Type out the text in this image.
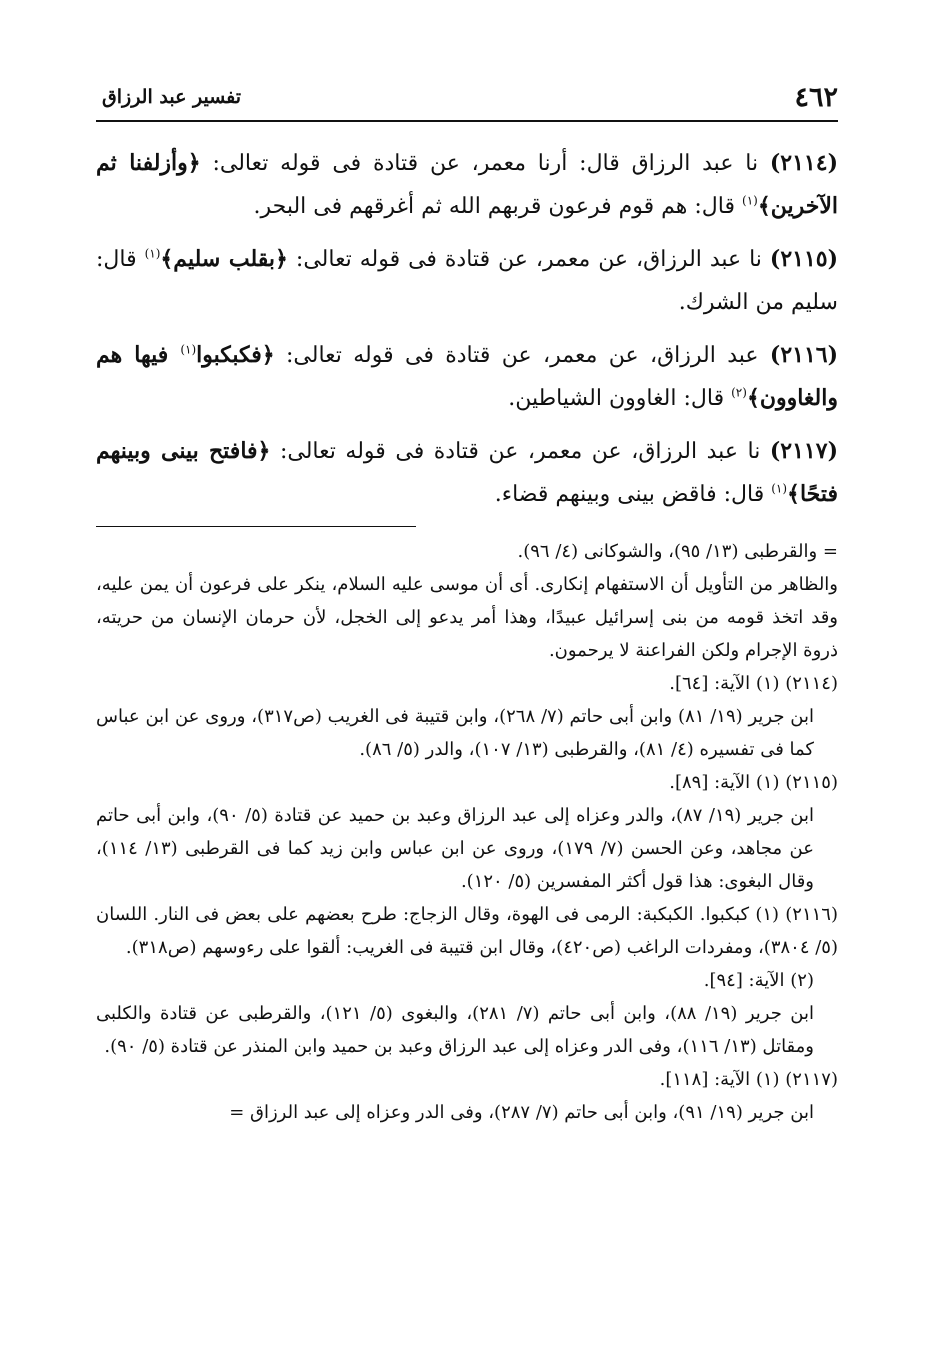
٤٦٢
تفسير عبد الرزاق

(٢١١٤) نا عبد الرزاق قال: أرنا معمر، عن قتادة فى قوله تعالى: ﴿وأزلفنا ثم الآخرين﴾$^{(١)}$ قال: هم قوم فرعون قربهم الله ثم أغرقهم فى البحر.

(٢١١٥) نا عبد الرزاق، عن معمر، عن قتادة فى قوله تعالى: ﴿بقلب سليم﴾$^{(١)}$ قال: سليم من الشرك.

(٢١١٦) عبد الرزاق، عن معمر، عن قتادة فى قوله تعالى: ﴿فكبكبوا$^{(١)}$ فيها هم والغاوون﴾$^{(٢)}$ قال: الغاوون الشياطين.

(٢١١٧) نا عبد الرزاق، عن معمر، عن قتادة فى قوله تعالى: ﴿فافتح بينى وبينهم فتحًا﴾$^{(١)}$ قال: فاقض بينى وبينهم قضاء.

= والقرطبى (١٣/ ٩٥)، والشوكانى (٤/ ٩٦).

والظاهر من التأويل أن الاستفهام إنكارى. أى أن موسى عليه السلام، ينكر على فرعون أن يمن عليه، وقد اتخذ قومه من بنى إسرائيل عبيدًا، وهذا أمر يدعو إلى الخجل، لأن حرمان الإنسان من حريته، ذروة الإجرام ولكن الفراعنة لا يرحمون.

(٢١١٤) (١) الآية: [٦٤].

ابن جرير (١٩/ ٨١) وابن أبى حاتم (٧/ ٢٦٨)، وابن قتيبة فى الغريب (ص٣١٧)، وروى عن ابن عباس كما فى تفسيره (٤/ ٨١)، والقرطبى (١٣/ ١٠٧)، والدر (٥/ ٨٦).

(٢١١٥) (١) الآية: [٨٩].

ابن جرير (١٩/ ٨٧)، والدر وعزاه إلى عبد الرزاق وعبد بن حميد عن قتادة (٥/ ٩٠)، وابن أبى حاتم عن مجاهد، وعن الحسن (٧/ ١٧٩)، وروى عن ابن عباس وابن زيد كما فى القرطبى (١٣/ ١١٤)، وقال البغوى: هذا قول أكثر المفسرين (٥/ ١٢٠).

(٢١١٦) (١) كبكبوا. الكبكبة: الرمى فى الهوة، وقال الزجاج: طرح بعضهم على بعض فى النار. اللسان (٥/ ٣٨٠٤)، ومفردات الراغب (ص٤٢٠)، وقال ابن قتيبة فى الغريب: ألقوا على رءوسهم (ص٣١٨).

(٢) الآية: [٩٤].

ابن جرير (١٩/ ٨٨)، وابن أبى حاتم (٧/ ٢٨١)، والبغوى (٥/ ١٢١)، والقرطبى عن قتادة والكلبى ومقاتل (١٣/ ١١٦)، وفى الدر وعزاه إلى عبد الرزاق وعبد بن حميد وابن المنذر عن قتادة (٥/ ٩٠).

(٢١١٧) (١) الآية: [١١٨].

ابن جرير (١٩/ ٩١)، وابن أبى حاتم (٧/ ٢٨٧)، وفى الدر وعزاه إلى عبد الرزاق =
